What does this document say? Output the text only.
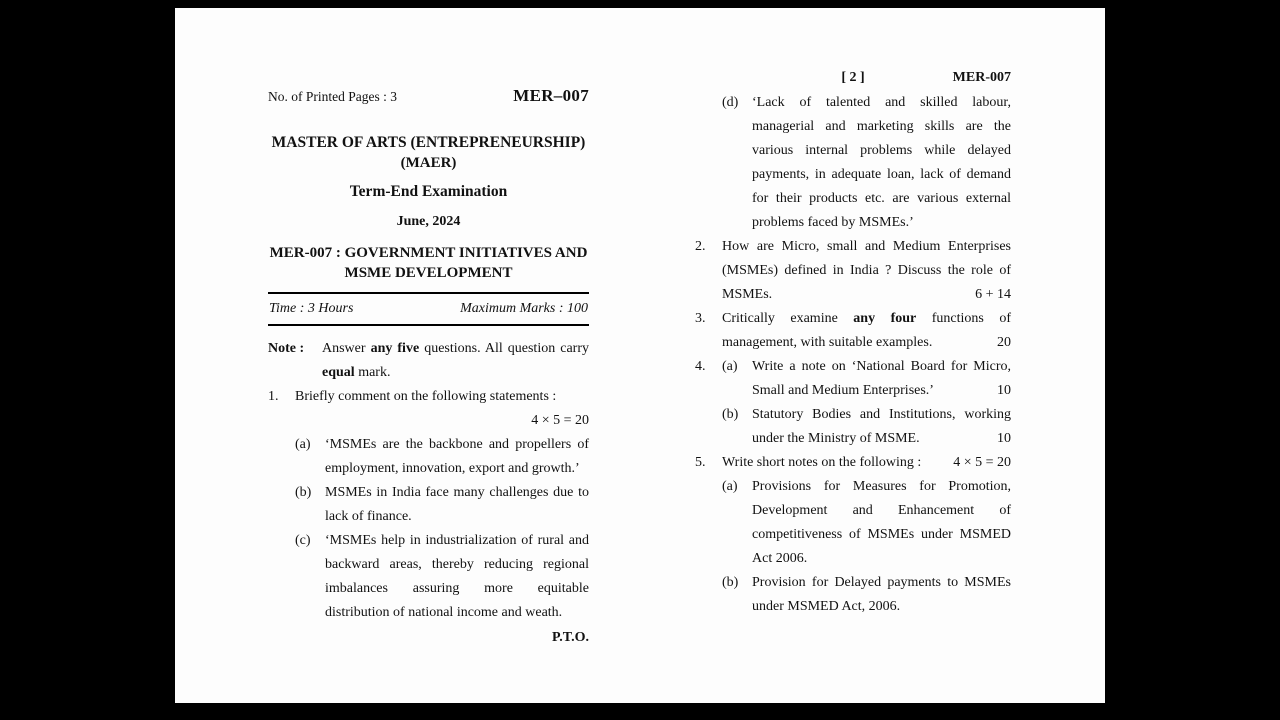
No. of Printed Pages : 3	MER–007
MASTER OF ARTS (ENTREPRENEURSHIP)
(MAER)
Term-End Examination
June, 2024
MER-007 : GOVERNMENT INITIATIVES AND
MSME DEVELOPMENT
Time : 3 Hours	Maximum Marks : 100
Note :	Answer any five questions. All question carry equal mark.
1.	Briefly comment on the following statements :
4 × 5 = 20
(a)	‘MSMEs are the backbone and propellers of employment, innovation, export and growth.’
(b) MSMEs in India face many challenges due to lack of finance.
(c)	‘MSMEs help in industrialization of rural and backward areas, thereby reducing regional imbalances assuring more equitable distribution of national income and weath.
P.T.O.
[ 2 ]	MER-007
(d) ‘Lack of talented and skilled labour, managerial and marketing skills are the various internal problems while delayed payments, in adequate loan, lack of demand for their products etc. are various external problems faced by MSMEs.’
2.	How are Micro, small and Medium Enterprises (MSMEs) defined in India ? Discuss the role of MSMEs.	6 + 14
3.	Critically examine any four functions of management, with suitable examples.	20
4.	(a)	Write a note on ‘National Board for Micro, Small and Medium Enterprises.’	10
(b) Statutory Bodies and Institutions, working under the Ministry of MSME.	10
5.	Write short notes on the following :	4 × 5 = 20
(a)	Provisions for Measures for Promotion, Development and Enhancement of competitiveness of MSMEs under MSMED Act 2006.
(b) Provision for Delayed payments to MSMEs under MSMED Act, 2006.
